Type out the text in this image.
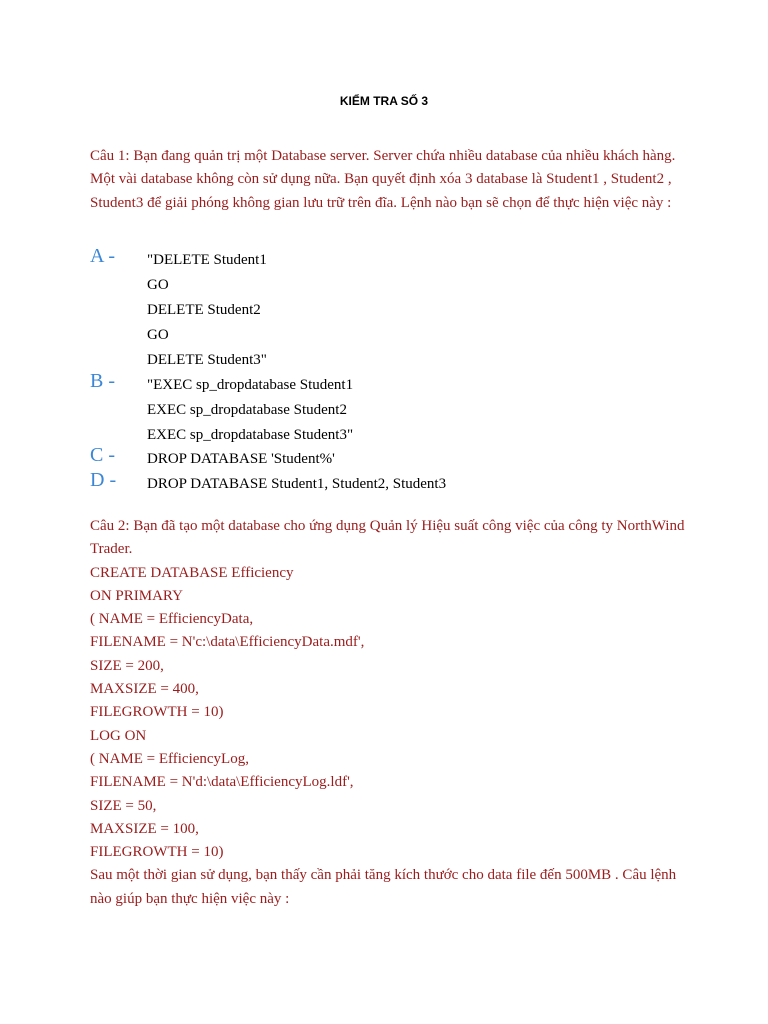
KIỂM TRA SỐ 3
Câu 1: Bạn đang quản trị một Database server. Server chứa nhiều database của nhiều khách hàng. Một vài database không còn sử dụng nữa. Bạn quyết định xóa 3 database là Student1 , Student2 , Student3 để giải phóng không gian lưu trữ trên đĩa. Lệnh nào bạn sẽ chọn để thực hiện việc này :
A - "DELETE Student1
GO
DELETE Student2
GO
DELETE Student3"
B - "EXEC sp_dropdatabase Student1
EXEC sp_dropdatabase Student2
EXEC sp_dropdatabase Student3"
C - DROP DATABASE 'Student%'
D - DROP DATABASE Student1, Student2, Student3
Câu 2: Bạn đã tạo một database cho ứng dụng Quản lý Hiệu suất công việc của công ty NorthWind Trader.
CREATE DATABASE Efficiency
ON PRIMARY
( NAME = EfficiencyData,
FILENAME = N'c:\data\EfficiencyData.mdf',
SIZE = 200,
MAXSIZE = 400,
FILEGROWTH = 10)
LOG ON
( NAME = EfficiencyLog,
FILENAME = N'd:\data\EfficiencyLog.ldf',
SIZE = 50,
MAXSIZE = 100,
FILEGROWTH = 10)
Sau một thời gian sử dụng, bạn thấy cần phải tăng kích thước cho data file đến 500MB . Câu lệnh nào giúp bạn thực hiện việc này :
